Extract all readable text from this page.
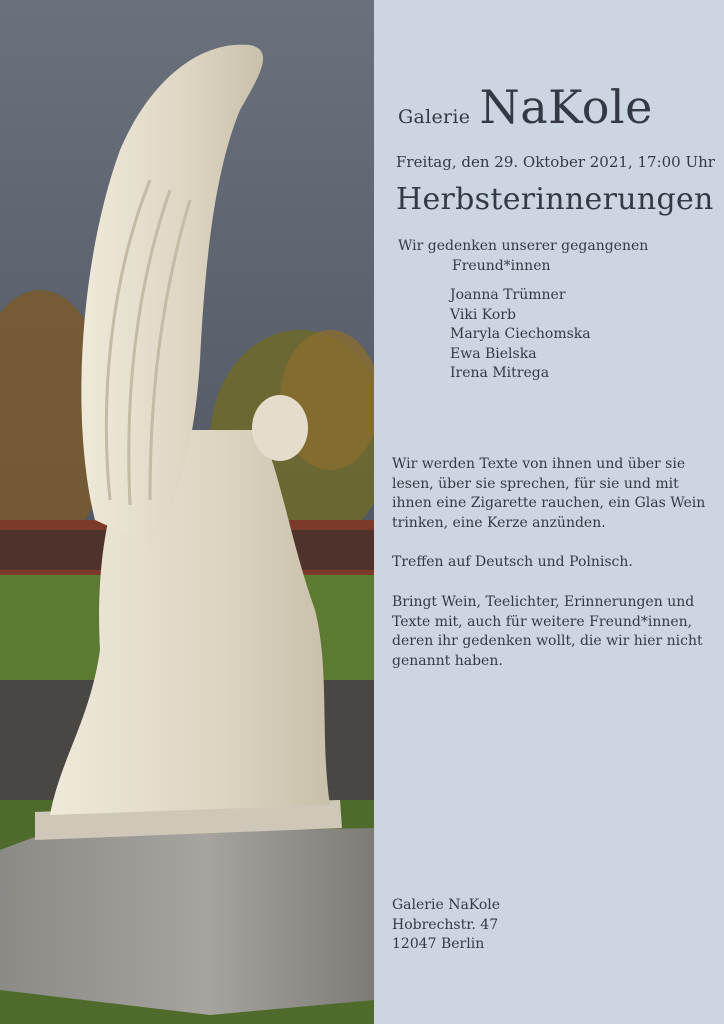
Galerie NaKole
Freitag, den 29. Oktober 2021, 17:00 Uhr
Herbsterinnerungen
Wir gedenken unserer gegangenen
Freund*innen
Joanna Trümner
Viki Korb
Maryla Ciechomska
Ewa Bielska
Irena Mitrega
Wir werden Texte von ihnen und über sie lesen, über sie sprechen, für sie und mit ihnen eine Zigarette rauchen, ein Glas Wein trinken, eine Kerze anzünden.
Treffen auf Deutsch und Polnisch.
Bringt Wein, Teelichter, Erinnerungen und Texte mit, auch für weitere Freund*innen, deren ihr gedenken wollt, die wir hier nicht genannt haben.
Galerie NaKole
Hobrechstr. 47
12047 Berlin
